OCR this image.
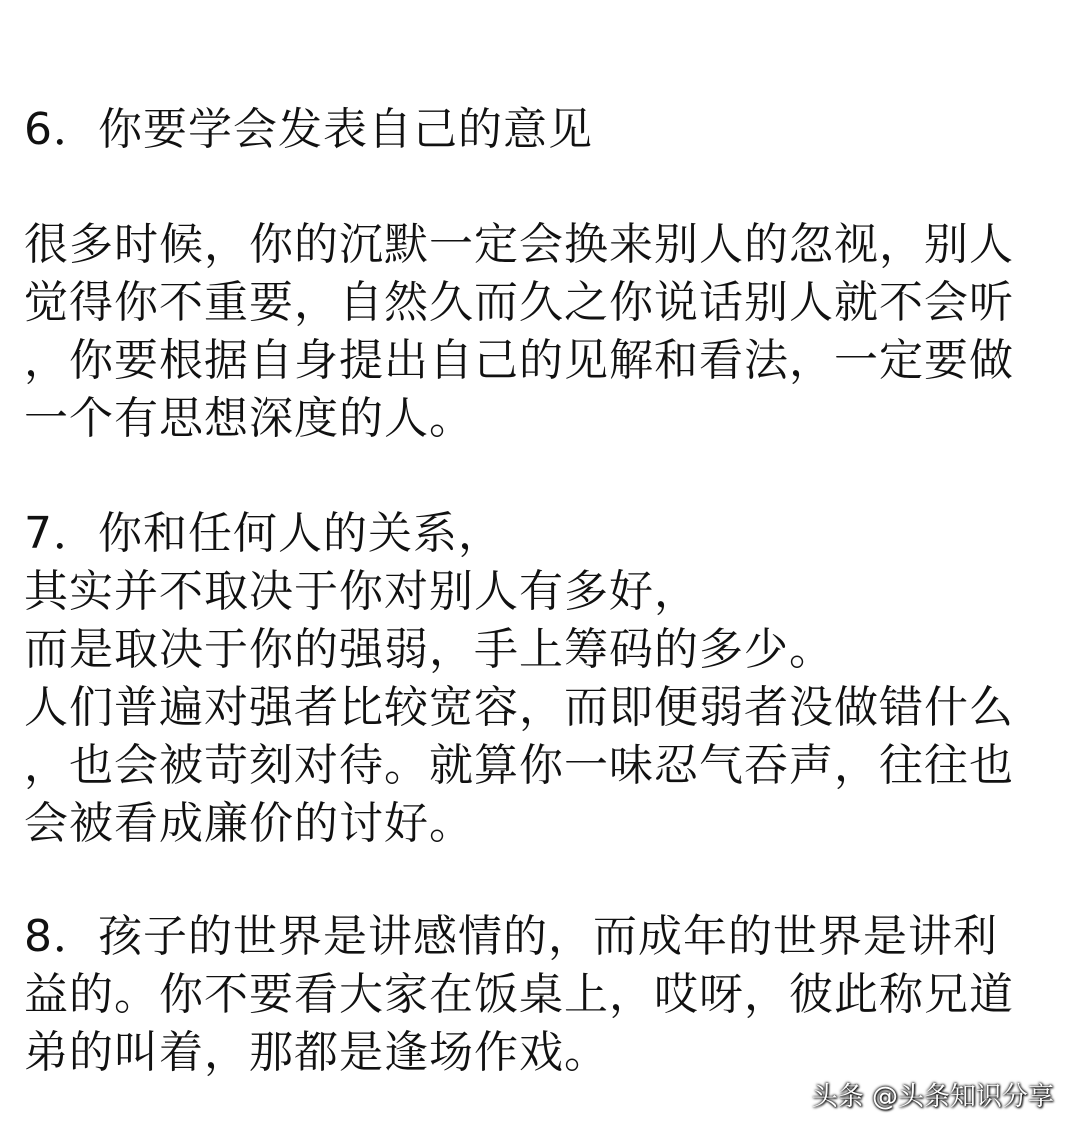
6．你要学会发表自己的意见
很多时候，你的沉默一定会换来别人的忽视，别人
觉得你不重要，自然久而久之你说话别人就不会听
，你要根据自身提出自己的见解和看法，一定要做
一个有思想深度的人。
7．你和任何人的关系，
其实并不取决于你对别人有多好，
而是取决于你的强弱，手上筹码的多少。
人们普遍对强者比较宽容，而即便弱者没做错什么
，也会被苛刻对待。就算你一味忍气吞声，往往也
会被看成廉价的讨好。
8．孩子的世界是讲感情的，而成年的世界是讲利
益的。你不要看大家在饭桌上，哎呀，彼此称兄道
弟的叫着，那都是逢场作戏。
头条 @头条知识分享
